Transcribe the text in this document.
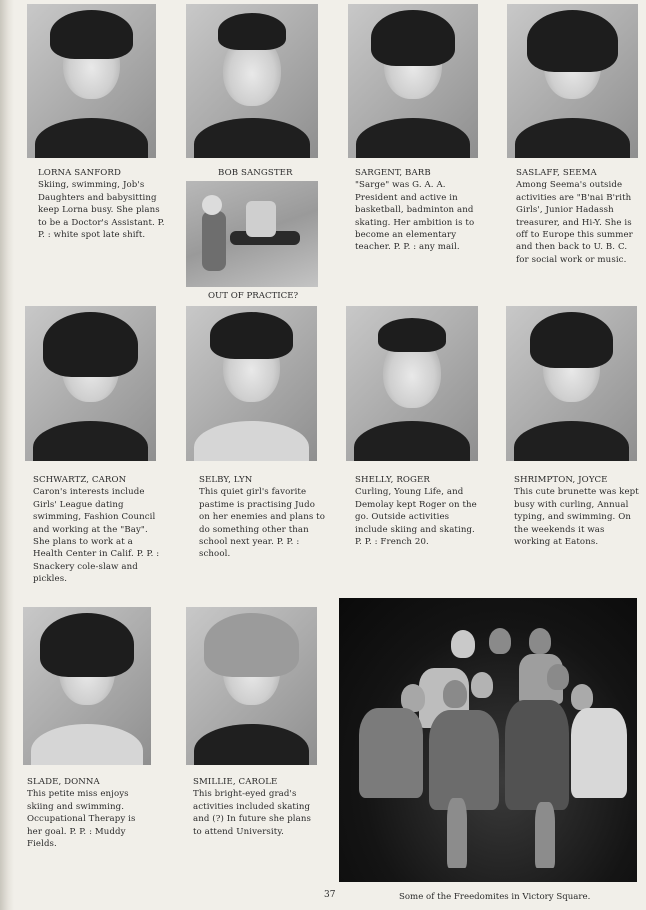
LORNA SANFORD

Skiing, swimming, Job's Daughters and babysitting keep Lorna busy. She plans to be a Doctor's Assistant. P. P. : white spot late shift.

BOB SANGSTER	SARGENT, BARB

"Sarge" was G. A. A. President and active in basketball, badminton and skating. Her ambition is to become an elementary teacher. P. P. : any mail.

SASLAFF, SEEMA

Among Seema's outside activities are "B'nai B'rith Girls', Junior Hadassh treasurer, and Hi-Y. She is off to Europe this summer and then back to U. B. C. for social work or music.

OUT OF PRACTICE?
SCHWARTZ, CARON

Caron's interests include Girls' League dating swimming, Fashion Council and working at the "Bay". She plans to work at a Health Center in Calif. P. P. : Snackery cole-slaw and pickles.

SELBY, LYN

This quiet girl's favorite pastime is practising Judo on her enemies and plans to do something other than school next year. P. P. : school.

SHELLY, ROGER

Curling, Young Life, and Demolay kept Roger on the go. Outside activities include skiing and skating. P. P. : French 20.

SHRIMPTON, JOYCE

This cute brunette was kept busy with curling, Annual typing, and swimming. On the weekends it was working at Eatons.

SLADE, DONNA

This petite miss enjoys skiing and swimming. Occupational Therapy is her goal. P. P. : Muddy Fields.

SMILLIE, CAROLE

This bright-eyed grad's activities included skating and (?) In future she plans to attend University.

37	Some of the Freedomites in Victory Square.
